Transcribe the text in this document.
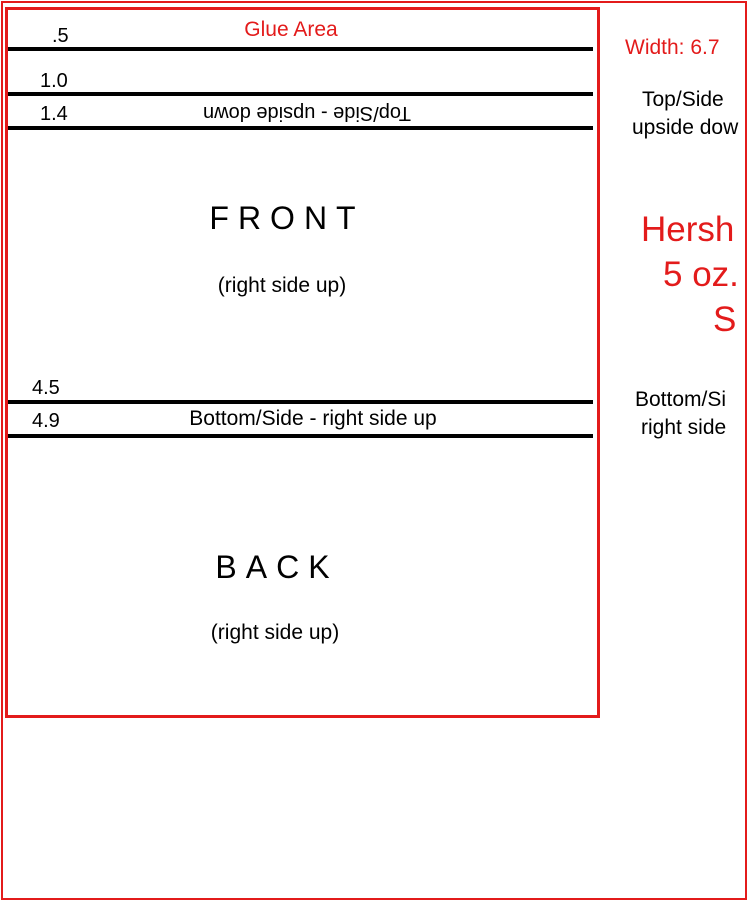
.5
1.0
1.4
4.5
4.9
Glue Area
Top/Side - upside down
FRONT
(right side up)
Bottom/Side - right side up
BACK
(right side up)
Width: 6.7
Top/Side
upside dow
Hersh
5 oz.
S
Bottom/Si
right side
